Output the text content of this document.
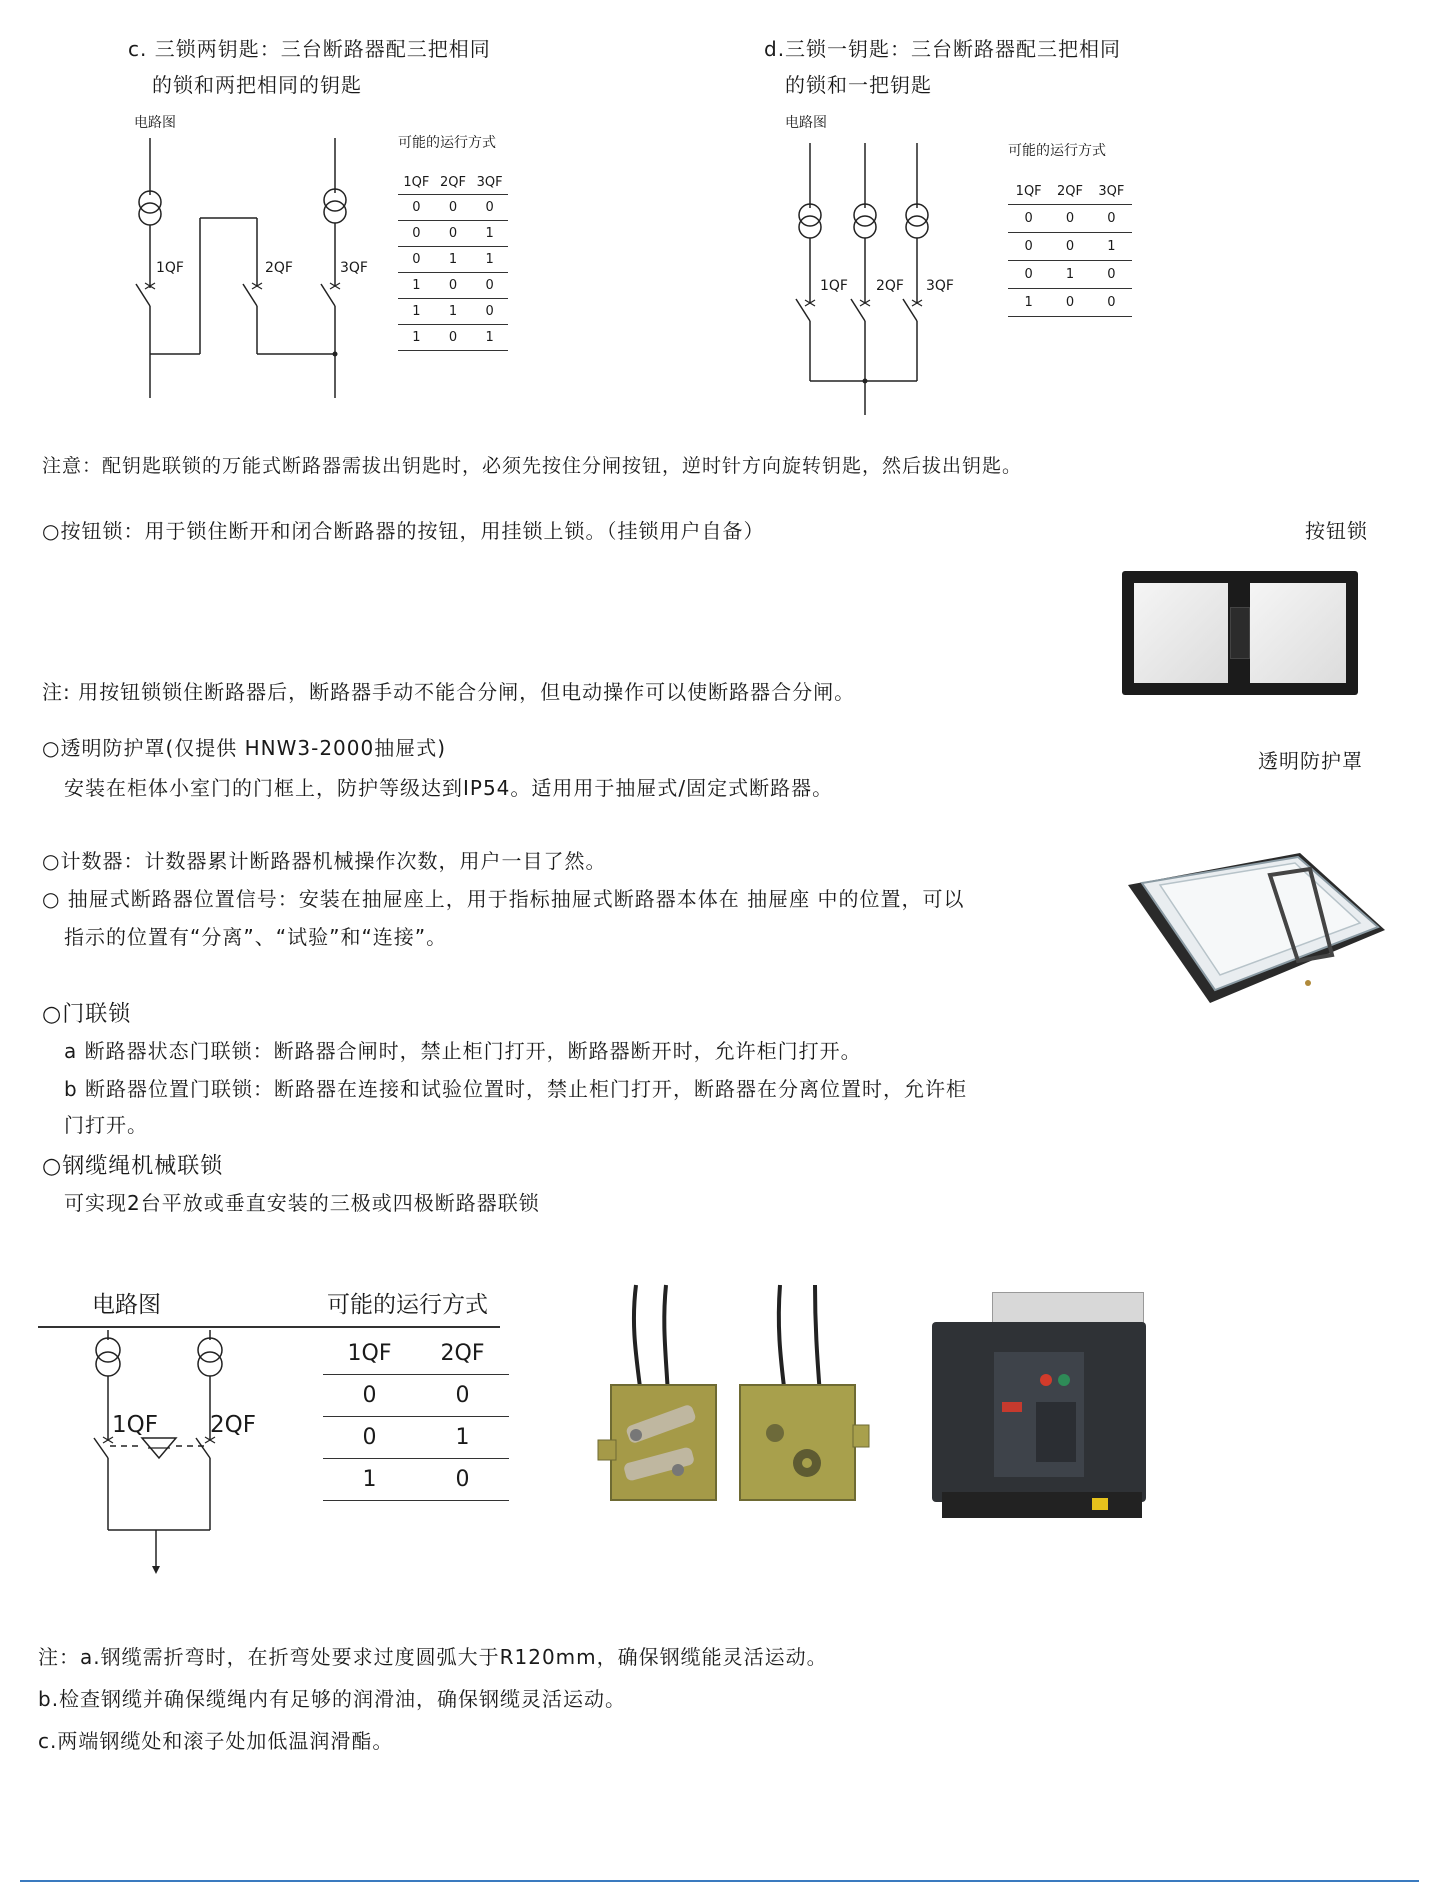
c. 三锁两钥匙：三台断路器配三把相同
的锁和两把相同的钥匙
电路图
可能的运行方式
1QF	2QF	3QF
1QF	2QF	3QF
0	0	0
0	0	1
0	1	1
1	0	0
1	1	0
1	0	1
d.三锁一钥匙：三台断路器配三把相同
的锁和一把钥匙
电路图
可能的运行方式
1QF 2QF 3QF
1QF	2QF	3QF
0	0	0
0	0	1
0	1	0
1	0	0
注意：配钥匙联锁的万能式断路器需拔出钥匙时，必须先按住分闸按钮，逆时针方向旋转钥匙，然后拔出钥匙。
○按钮锁：用于锁住断开和闭合断路器的按钮，用挂锁上锁。（挂锁用户自备）	按钮锁
注: 用按钮锁锁住断路器后，断路器手动不能合分闸，但电动操作可以使断路器合分闸。
○透明防护罩(仅提供 HNW3-2000抽屉式)
安装在柜体小室门的门框上，防护等级达到IP54。适用用于抽屉式/固定式断路器。
透明防护罩
○计数器：计数器累计断路器机械操作次数，用户一目了然。
○ 抽屉式断路器位置信号：安装在抽屉座上，用于指标抽屉式断路器本体在 抽屉座 中的位置，可以
指示的位置有“分离”、“试验”和“连接”。
○门联锁
a 断路器状态门联锁：断路器合闸时，禁止柜门打开，断路器断开时，允许柜门打开。
b 断路器位置门联锁：断路器在连接和试验位置时，禁止柜门打开，断路器在分离位置时，允许柜
门打开。
○钢缆绳机械联锁
可实现2台平放或垂直安装的三极或四极断路器联锁
电路图	可能的运行方式
1QF 2QF
1QF	2QF
0	0
0	1
1	0
注：a.钢缆需折弯时，在折弯处要求过度圆弧大于R120mm，确保钢缆能灵活运动。
b.检查钢缆并确保缆绳内有足够的润滑油，确保钢缆灵活运动。
c.两端钢缆处和滚子处加低温润滑酯。
